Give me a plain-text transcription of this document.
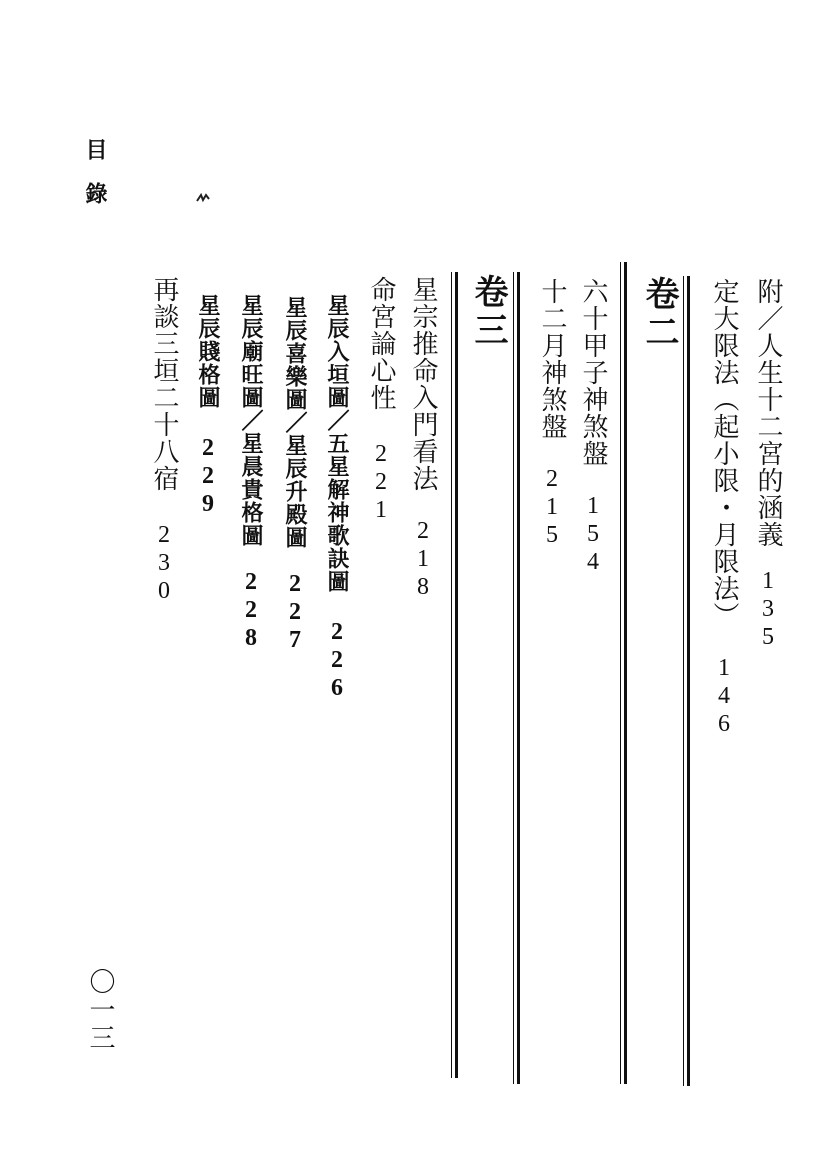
目
錄
附／人生十二宮的涵義135
定大限法（起小限・月限法）146
卷二
六十甲子神煞盤154
十二月神煞盤215
卷三
星宗推命入門看法218
命宮論心性221
星辰入垣圖／五星解神歌訣圖226
星辰喜樂圖／星辰升殿圖227
星辰廟旺圖／星晨貴格圖228
星辰賤格圖229
再談三垣二十八宿230
〇一三
